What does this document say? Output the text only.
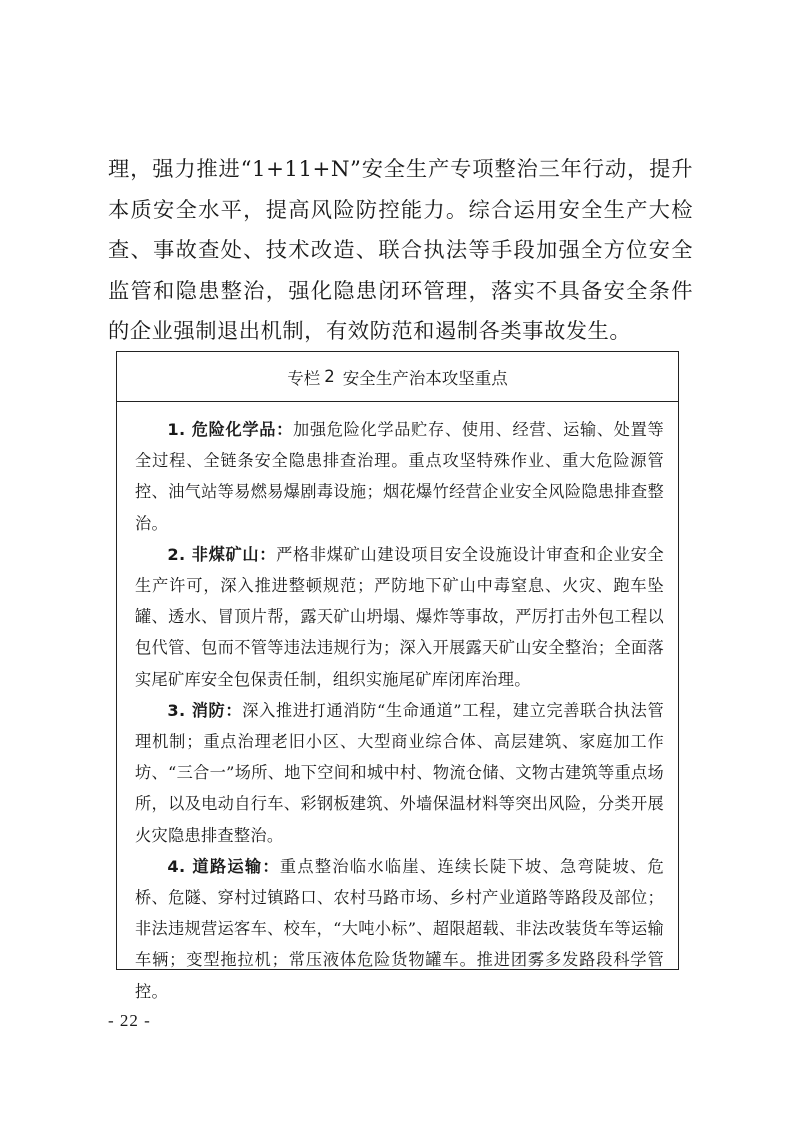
理，强力推进“1+11+N”安全生产专项整治三年行动，提升本质安全水平，提高风险防控能力。综合运用安全生产大检查、事故查处、技术改造、联合执法等手段加强全方位安全监管和隐患整治，强化隐患闭环管理，落实不具备安全条件的企业强制退出机制，有效防范和遏制各类事故发生。

专栏 2 安全生产治本攻坚重点

1. 危险化学品：加强危险化学品贮存、使用、经营、运输、处置等全过程、全链条安全隐患排查治理。重点攻坚特殊作业、重大危险源管控、油气站等易燃易爆剧毒设施；烟花爆竹经营企业安全风险隐患排查整治。

2. 非煤矿山：严格非煤矿山建设项目安全设施设计审查和企业安全生产许可，深入推进整顿规范；严防地下矿山中毒窒息、火灾、跑车坠罐、透水、冒顶片帮，露天矿山坍塌、爆炸等事故，严厉打击外包工程以包代管、包而不管等违法违规行为；深入开展露天矿山安全整治；全面落实尾矿库安全包保责任制，组织实施尾矿库闭库治理。

3. 消防：深入推进打通消防“生命通道”工程，建立完善联合执法管理机制；重点治理老旧小区、大型商业综合体、高层建筑、家庭加工作坊、“三合一”场所、地下空间和城中村、物流仓储、文物古建筑等重点场所，以及电动自行车、彩钢板建筑、外墙保温材料等突出风险，分类开展火灾隐患排查整治。

4. 道路运输：重点整治临水临崖、连续长陡下坡、急弯陡坡、危桥、危隧、穿村过镇路口、农村马路市场、乡村产业道路等路段及部位；非法违规营运客车、校车，“大吨小标”、超限超载、非法改装货车等运输车辆；变型拖拉机；常压液体危险货物罐车。推进团雾多发路段科学管控。

- 22 -
